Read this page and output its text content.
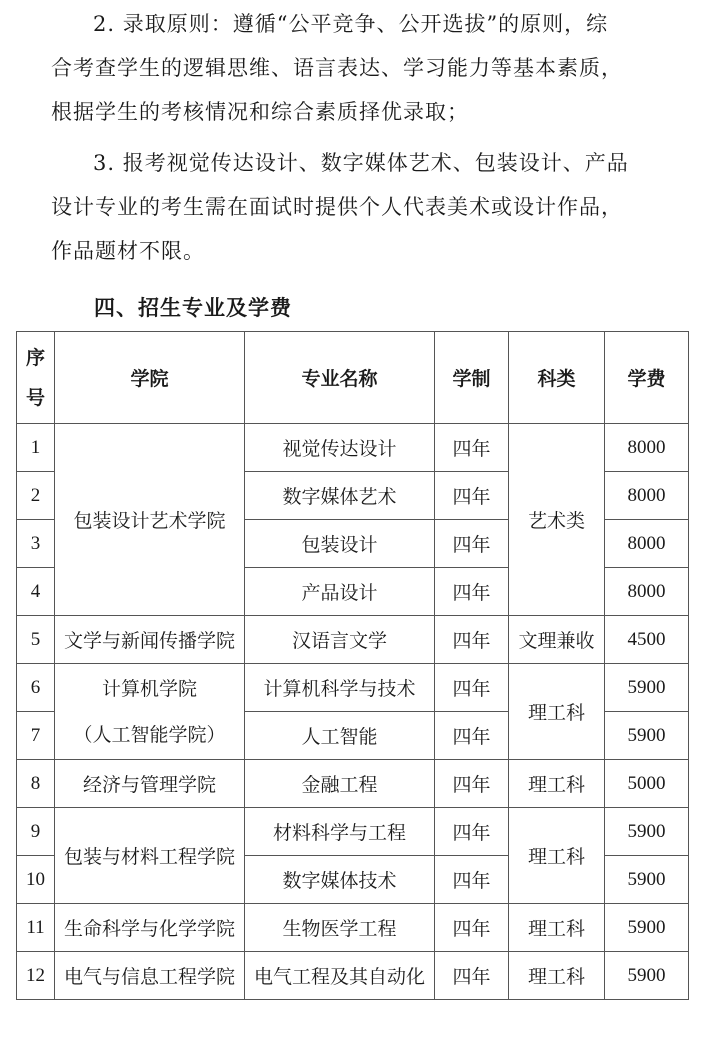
2. 录取原则：遵循“公平竞争、公开选拔”的原则，综
合考查学生的逻辑思维、语言表达、学习能力等基本素质，
根据学生的考核情况和综合素质择优录取；
3. 报考视觉传达设计、数字媒体艺术、包装设计、产品
设计专业的考生需在面试时提供个人代表美术或设计作品，
作品题材不限。
四、招生专业及学费
序
号	学院	专业名称	学制	科类	学费
1	包装设计艺术学院	视觉传达设计	四年	艺术类	8000
2		数字媒体艺术	四年		8000
3		包装设计	四年		8000
4		产品设计	四年		8000
5	文学与新闻传播学院	汉语言文学	四年	文理兼收	4500
6	计算机学院
（人工智能学院）	计算机科学与技术	四年	理工科	5900
7		人工智能	四年		5900
8	经济与管理学院	金融工程	四年	理工科	5000
9	包装与材料工程学院	材料科学与工程	四年	理工科	5900
10		数字媒体技术	四年		5900
11	生命科学与化学学院	生物医学工程	四年	理工科	5900
12	电气与信息工程学院	电气工程及其自动化	四年	理工科	5900
